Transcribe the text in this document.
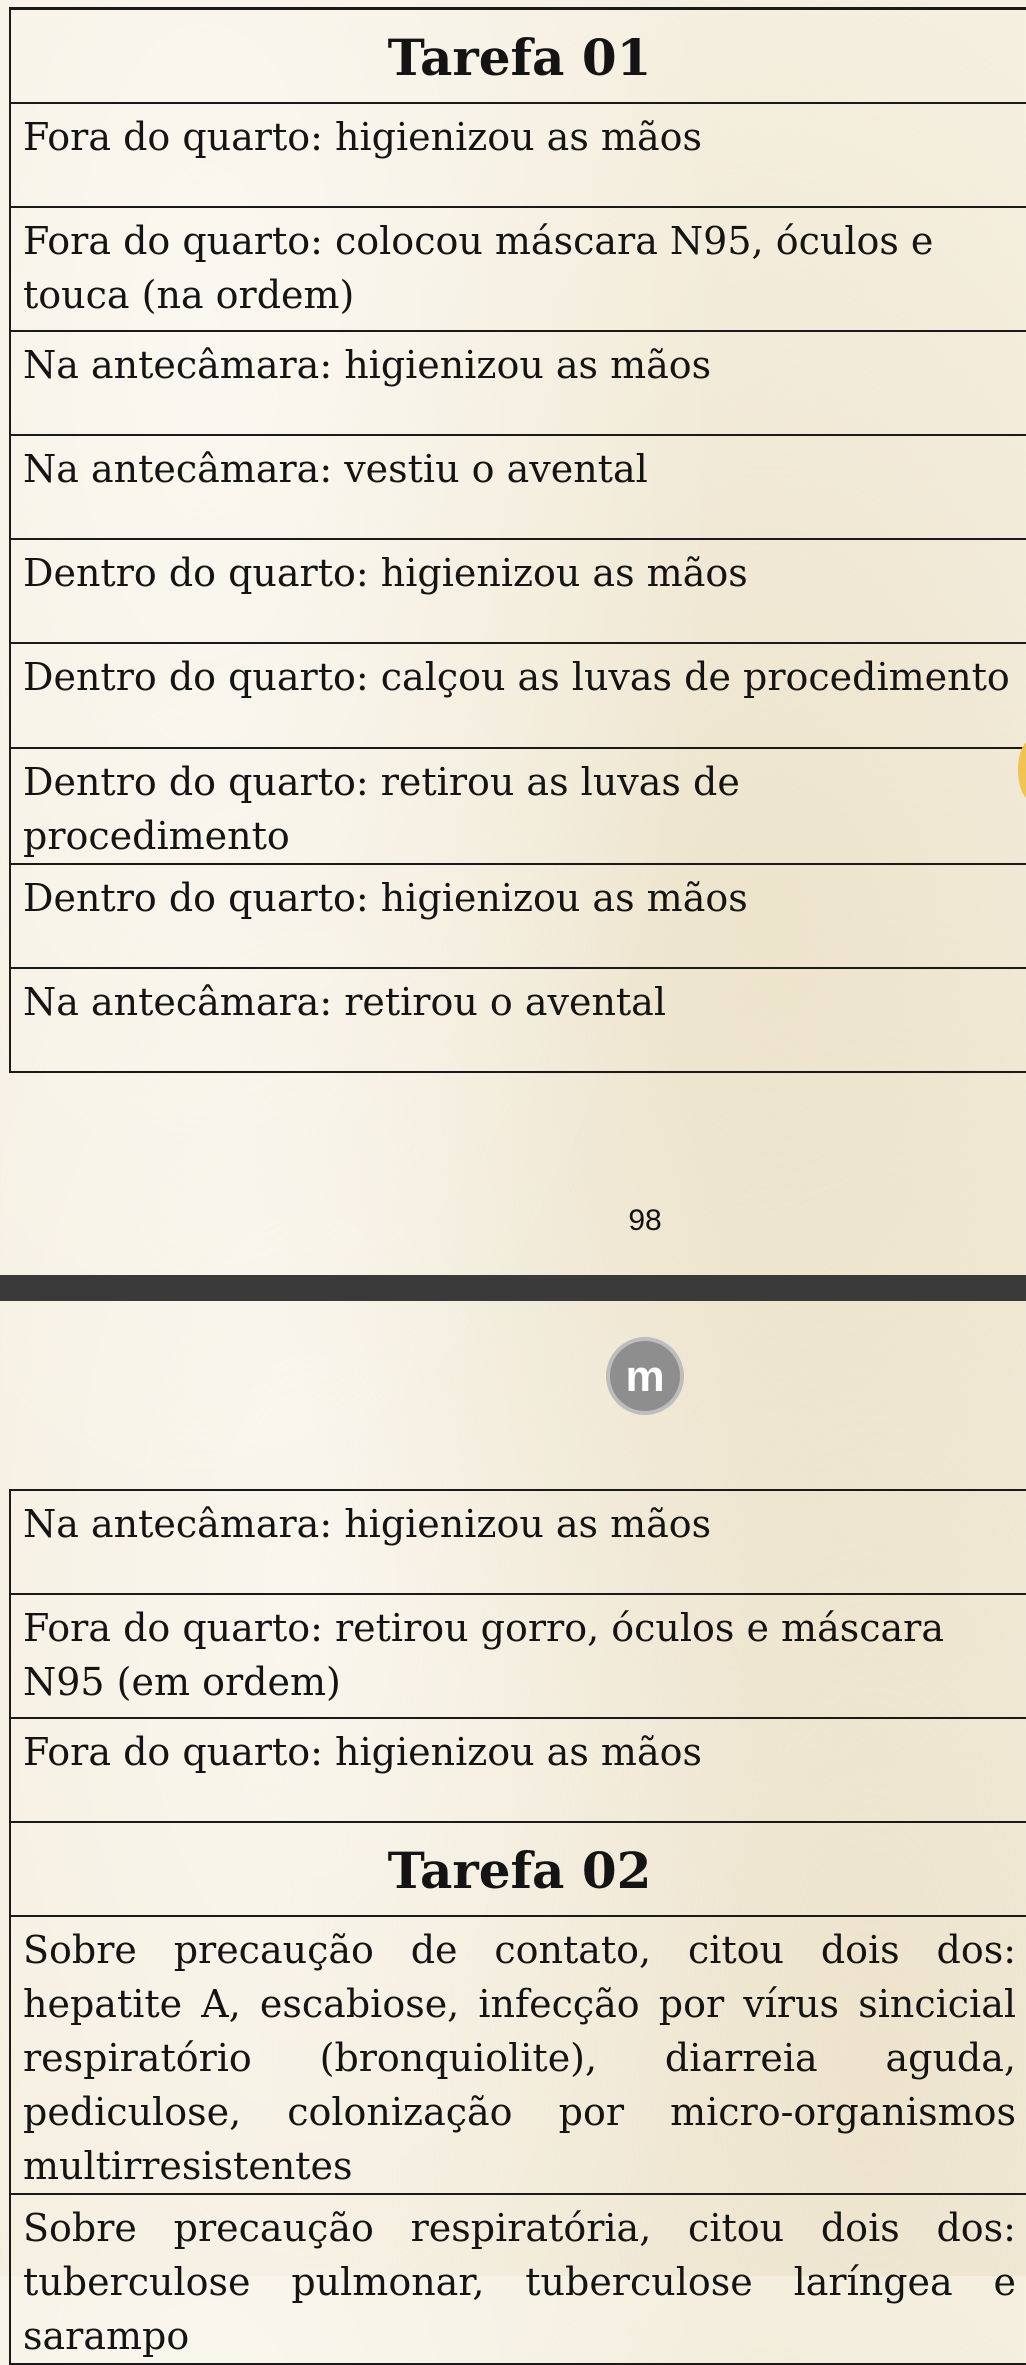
Tarefa 01	
Fora do quarto: higienizou as mãos	
Fora do quarto: colocou máscara N95, óculos e touca (na ordem)	
Na antecâmara: higienizou as mãos	
Na antecâmara: vestiu o avental	
Dentro do quarto: higienizou as mãos	
Dentro do quarto: calçou as luvas de procedimento	
Dentro do quarto: retirou as luvas de procedimento	
Dentro do quarto: higienizou as mãos	
Na antecâmara: retirou o avental	
98
m
Na antecâmara: higienizou as mãos	
Fora do quarto: retirou gorro, óculos e máscara N95 (em ordem)	
Fora do quarto: higienizou as mãos	
Tarefa 02	
Sobre precaução de contato, citou dois dos: hepatite A, escabiose, infecção por vírus sincicial respiratório (bronquiolite), diarreia aguda, pediculose, colonização por micro-organismos multirresistentes	
Sobre precaução respiratória, citou dois dos: tuberculose pulmonar, tuberculose laríngea e sarampo	
